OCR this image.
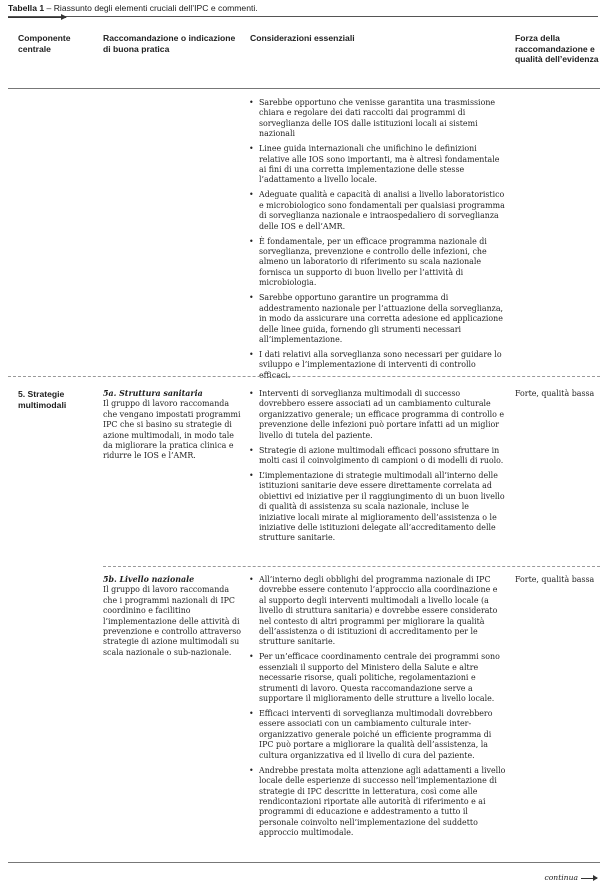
Tabella 1 – Riassunto degli elementi cruciali dell’IPC e commenti.
Componente centrale
Raccomandazione o indicazione di buona pratica
Considerazioni essenziali	Forza della raccomandazione e qualità dell’evidenza
• Sarebbe opportuno che venisse garantita una trasmissione chiara e regolare dei dati raccolti dai programmi di sorveglianza delle IOS dalle istituzioni locali ai sistemi nazionali
• Linee guida internazionali che unifichino le definizioni relative alle IOS sono importanti, ma è altresì fondamentale ai fini di una corretta implementazione delle stesse l’adattamento a livello locale.
• Adeguate qualità e capacità di analisi a livello laboratoristico e microbiologico sono fondamentali per qualsiasi programma di sorveglianza nazionale e intraospedaliero di sorveglianza delle IOS e dell’AMR.
• È fondamentale, per un efficace programma nazionale di sorveglianza, prevenzione e controllo delle infezioni, che almeno un laboratorio di riferimento su scala nazionale fornisca un supporto di buon livello per l’attività di microbiologia.
• Sarebbe opportuno garantire un programma di addestramento nazionale per l’attuazione della sorveglianza, in modo da assicurare una corretta adesione ed applicazione delle linee guida, fornendo gli strumenti necessari all’implementazione.
• I dati relativi alla sorveglianza sono necessari per guidare lo sviluppo e l’implementazione di interventi di controllo efficaci.
5. Strategie multimodali
5a. Struttura sanitaria
Il gruppo di lavoro raccomanda che vengano impostati programmi IPC che si basino su strategie di azione multimodali, in modo tale da migliorare la pratica clinica e ridurre le IOS e l’AMR.
• Interventi di sorveglianza multimodali di successo dovrebbero essere associati ad un cambiamento culturale organizzativo generale; un efficace programma di controllo e prevenzione delle infezioni può portare infatti ad un miglior livello di tutela del paziente.
• Strategie di azione multimodali efficaci possono sfruttare in molti casi il coinvolgimento di campioni o di modelli di ruolo.
• L’implementazione di strategie multimodali all’interno delle istituzioni sanitarie deve essere direttamente correlata ad obiettivi ed iniziative per il raggiungimento di un buon livello di qualità di assistenza su scala nazionale, incluse le iniziative locali mirate al miglioramento dell’assistenza o le iniziative delle istituzioni delegate all’accreditamento delle strutture sanitarie.
Forte, qualità bassa
5b. Livello nazionale
Il gruppo di lavoro raccomanda che i programmi nazionali di IPC coordinino e facilitino l’implementazione delle attività di prevenzione e controllo attraverso strategie di azione multimodali su scala nazionale o sub-nazionale.
• All’interno degli obblighi del programma nazionale di IPC dovrebbe essere contenuto l’approccio alla coordinazione e al supporto degli interventi multimodali a livello locale (a livello di struttura sanitaria) e dovrebbe essere considerato nel contesto di altri programmi per migliorare la qualità dell’assistenza o di istituzioni di accreditamento per le strutture sanitarie.
• Per un’efficace coordinamento centrale dei programmi sono essenziali il supporto del Ministero della Salute e altre necessarie risorse, quali politiche, regolamentazioni e strumenti di lavoro. Questa raccomandazione serve a supportare il miglioramento delle strutture a livello locale.
• Efficaci interventi di sorveglianza multimodali dovrebbero essere associati con un cambiamento culturale inter-organizzativo generale poiché un efficiente programma di IPC può portare a migliorare la qualità dell’assistenza, la cultura organizzativa ed il livello di cura del paziente.
• Andrebbe prestata molta attenzione agli adattamenti a livello locale delle esperienze di successo nell’implementazione di strategie di IPC descritte in letteratura, così come alle rendicontazioni riportate alle autorità di riferimento e ai programmi di educazione e addestramento a tutto il personale coinvolto nell’implementazione del suddetto approccio multimodale.
Forte, qualità bassa
continua
